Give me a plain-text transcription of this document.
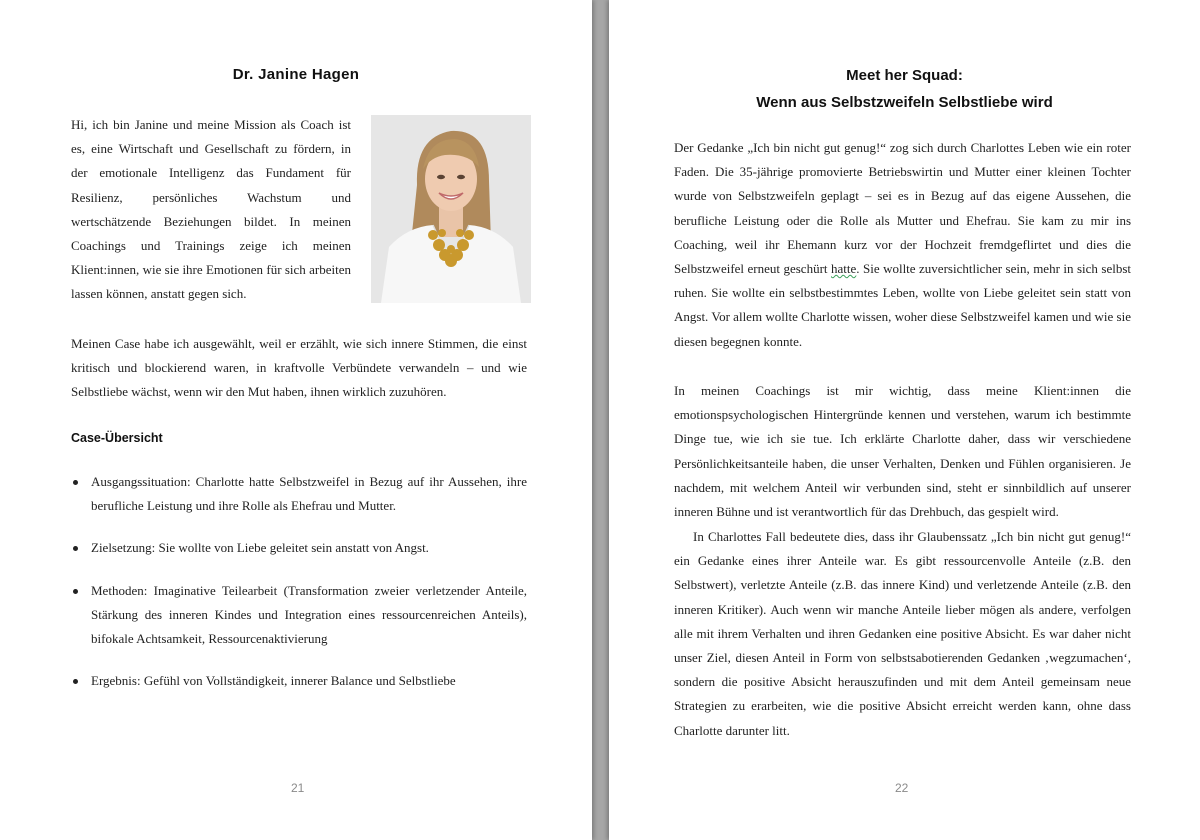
Dr. Janine Hagen

Hi, ich bin Janine und meine Mission als Coach ist es, eine Wirtschaft und Gesellschaft zu fördern, in der emotionale Intelligenz das Fundament für Resilienz, persönliches Wachstum und wertschätzende Beziehungen bildet. In meinen Coachings und Trainings zeige ich meinen Klient:innen, wie sie ihre Emotionen für sich arbeiten lassen können, anstatt gegen sich.

Meinen Case habe ich ausgewählt, weil er erzählt, wie sich innere Stimmen, die einst kritisch und blockierend waren, in kraftvolle Verbündete verwandeln – und wie Selbstliebe wächst, wenn wir den Mut haben, ihnen wirklich zuzuhören.

Case-Übersicht
Ausgangssituation: Charlotte hatte Selbstzweifel in Bezug auf ihr Aussehen, ihre berufliche Leistung und ihre Rolle als Ehefrau und Mutter.
Zielsetzung: Sie wollte von Liebe geleitet sein anstatt von Angst.
Methoden: Imaginative Teilearbeit (Transformation zweier verletzender Anteile, Stärkung des inneren Kindes und Integration eines ressourcenreichen Anteils), bifokale Achtsamkeit, Ressourcenaktivierung
Ergebnis: Gefühl von Vollständigkeit, innerer Balance und Selbstliebe
21
Meet her Squad:
Wenn aus Selbstzweifeln Selbstliebe wird

Der Gedanke „Ich bin nicht gut genug!“ zog sich durch Charlottes Leben wie ein roter Faden. Die 35-jährige promovierte Betriebswirtin und Mutter einer kleinen Tochter wurde von Selbstzweifeln geplagt – sei es in Bezug auf das eigene Aussehen, die berufliche Leistung oder die Rolle als Mutter und Ehefrau. Sie kam zu mir ins Coaching, weil ihr Ehemann kurz vor der Hochzeit fremdgeflirtet und dies die Selbstzweifel erneut geschürt hatte. Sie wollte zuversichtlicher sein, mehr in sich selbst ruhen. Sie wollte ein selbstbestimmtes Leben, wollte von Liebe geleitet sein statt von Angst. Vor allem wollte Charlotte wissen, woher diese Selbstzweifel kamen und wie sie diesen begegnen konnte.

In meinen Coachings ist mir wichtig, dass meine Klient:innen die emotionspsychologischen Hintergründe kennen und verstehen, warum ich bestimmte Dinge tue, wie ich sie tue. Ich erklärte Charlotte daher, dass wir verschiedene Persönlichkeitsanteile haben, die unser Verhalten, Denken und Fühlen organisieren. Je nachdem, mit welchem Anteil wir verbunden sind, steht er sinnbildlich auf unserer inneren Bühne und ist verantwortlich für das Drehbuch, das gespielt wird.

In Charlottes Fall bedeutete dies, dass ihr Glaubenssatz „Ich bin nicht gut genug!“ ein Gedanke eines ihrer Anteile war. Es gibt ressourcenvolle Anteile (z.B. den Selbstwert), verletzte Anteile (z.B. das innere Kind) und verletzende Anteile (z.B. den inneren Kritiker). Auch wenn wir manche Anteile lieber mögen als andere, verfolgen alle mit ihrem Verhalten und ihren Gedanken eine positive Absicht. Es war daher nicht unser Ziel, diesen Anteil in Form von selbstsabotierenden Gedanken ‚wegzumachen‘, sondern die positive Absicht herauszufinden und mit dem Anteil gemeinsam neue Strategien zu erarbeiten, wie die positive Absicht erreicht werden kann, ohne dass Charlotte darunter litt.

22
